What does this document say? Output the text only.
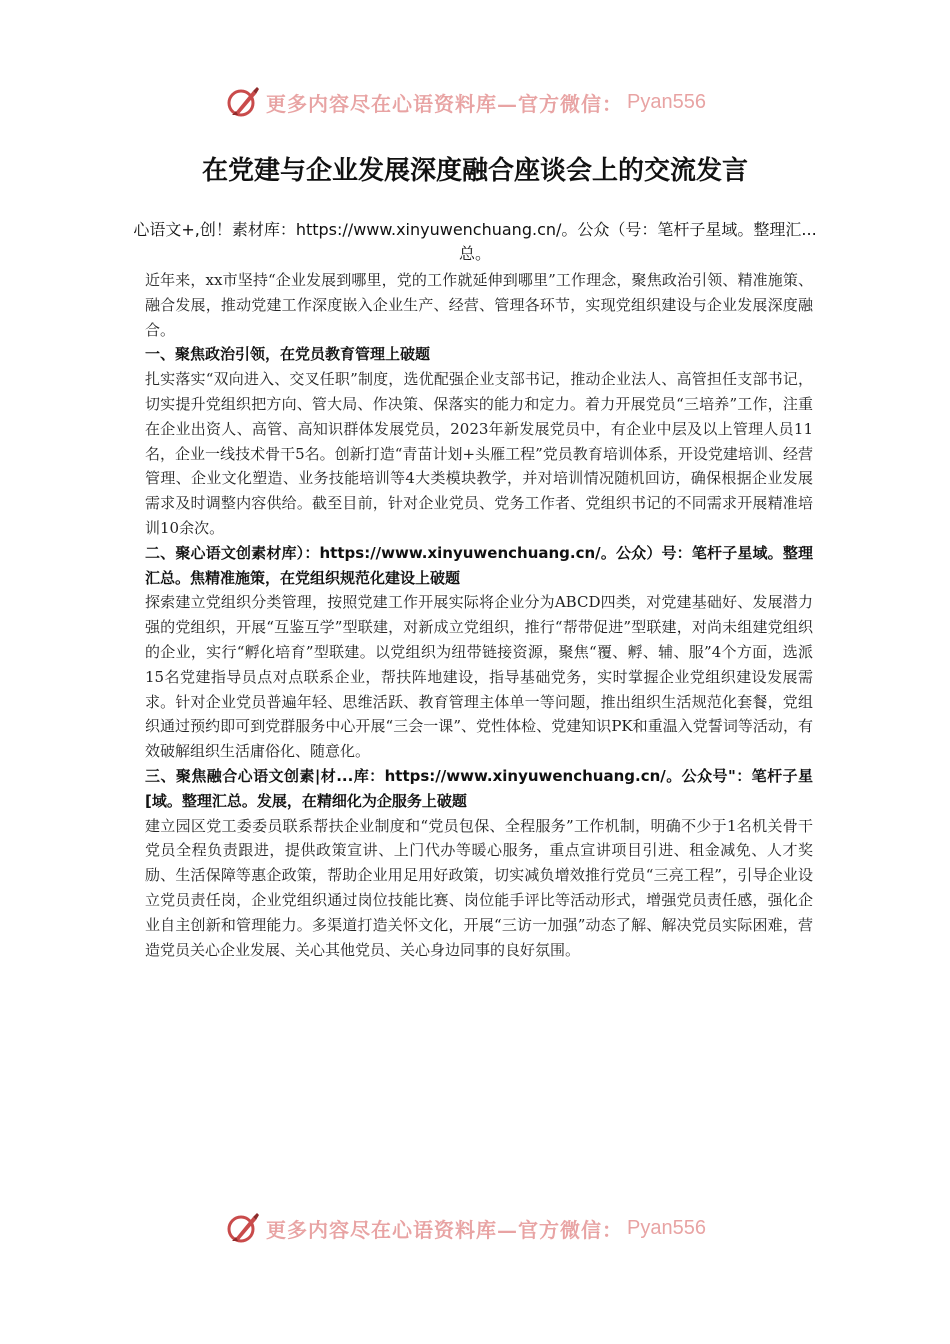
更多内容尽在心语资料库—官方微信： Pyan556
在党建与企业发展深度融合座谈会上的交流发言
心语文+,创！素材库：https://www.xinyuwenchuang.cn/。公众（号：笔杆子星域。整理汇...总。

近年来，xx市坚持“企业发展到哪里，党的工作就延伸到哪里”工作理念，聚焦政治引领、精准施策、融合发展，推动党建工作深度嵌入企业生产、经营、管理各环节，实现党组织建设与企业发展深度融合。

一、聚焦政治引领，在党员教育管理上破题

扎实落实“双向进入、交叉任职”制度，选优配强企业支部书记，推动企业法人、高管担任支部书记，切实提升党组织把方向、管大局、作决策、保落实的能力和定力。着力开展党员“三培养”工作，注重在企业出资人、高管、高知识群体发展党员，2023年新发展党员中，有企业中层及以上管理人员11名，企业一线技术骨干5名。创新打造“青苗计划+头雁工程”党员教育培训体系，开设党建培训、经营管理、企业文化塑造、业务技能培训等4大类模块教学，并对培训情况随机回访，确保根据企业发展需求及时调整内容供给。截至目前，针对企业党员、党务工作者、党组织书记的不同需求开展精准培训10余次。

二、聚心语文创素材库）：https://www.xinyuwenchuang.cn/。公众）号：笔杆子星域。整理汇总。焦精准施策，在党组织规范化建设上破题

探索建立党组织分类管理，按照党建工作开展实际将企业分为ABCD四类，对党建基础好、发展潜力强的党组织，开展“互鉴互学”型联建，对新成立党组织，推行“帮带促进”型联建，对尚未组建党组织的企业，实行“孵化培育”型联建。以党组织为纽带链接资源，聚焦“覆、孵、辅、服”4个方面，选派15名党建指导员点对点联系企业，帮扶阵地建设，指导基础党务，实时掌握企业党组织建设发展需求。针对企业党员普遍年轻、思维活跃、教育管理主体单一等问题，推出组织生活规范化套餐，党组织通过预约即可到党群服务中心开展“三会一课”、党性体检、党建知识PK和重温入党誓词等活动，有效破解组织生活庸俗化、随意化。

三、聚焦融合心语文创素|材...库：https://www.xinyuwenchuang.cn/。公众号"：笔杆子星[域。整理汇总。发展，在精细化为企服务上破题

建立园区党工委委员联系帮扶企业制度和“党员包保、全程服务”工作机制，明确不少于1名机关骨干党员全程负责跟进，提供政策宣讲、上门代办等暖心服务，重点宣讲项目引进、租金减免、人才奖励、生活保障等惠企政策，帮助企业用足用好政策，切实减负增效推行党员“三亮工程”，引导企业设立党员责任岗，企业党组织通过岗位技能比赛、岗位能手评比等活动形式，增强党员责任感，强化企业自主创新和管理能力。多渠道打造关怀文化，开展“三访一加强”动态了解、解决党员实际困难，营造党员关心企业发展、关心其他党员、关心身边同事的良好氛围。

更多内容尽在心语资料库—官方微信： Pyan556
